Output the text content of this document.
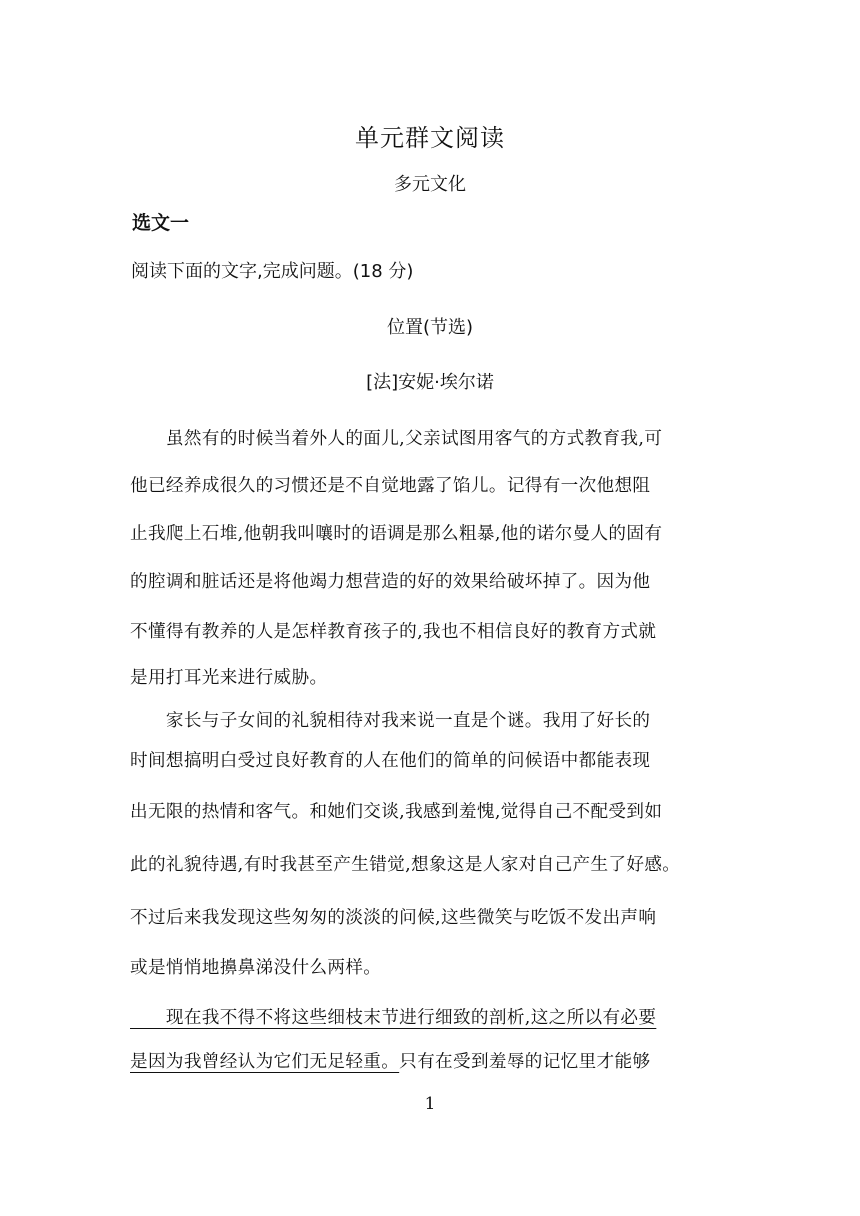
单元群文阅读
多元文化
选文一
阅读下面的文字,完成问题。(18 分)
位置(节选)
[法]安妮·埃尔诺
　　虽然有的时候当着外人的面儿,父亲试图用客气的方式教育我,可
他已经养成很久的习惯还是不自觉地露了馅儿。记得有一次他想阻
止我爬上石堆,他朝我叫嚷时的语调是那么粗暴,他的诺尔曼人的固有
的腔调和脏话还是将他竭力想营造的好的效果给破坏掉了。因为他
不懂得有教养的人是怎样教育孩子的,我也不相信良好的教育方式就
是用打耳光来进行威胁。
　　家长与子女间的礼貌相待对我来说一直是个谜。我用了好长的
时间想搞明白受过良好教育的人在他们的简单的问候语中都能表现
出无限的热情和客气。和她们交谈,我感到羞愧,觉得自己不配受到如
此的礼貌待遇,有时我甚至产生错觉,想象这是人家对自己产生了好感。
不过后来我发现这些匆匆的淡淡的问候,这些微笑与吃饭不发出声响
或是悄悄地擤鼻涕没什么两样。
　　现在我不得不将这些细枝末节进行细致的剖析,这之所以有必要
是因为我曾经认为它们无足轻重。只有在受到羞辱的记忆里才能够
1
